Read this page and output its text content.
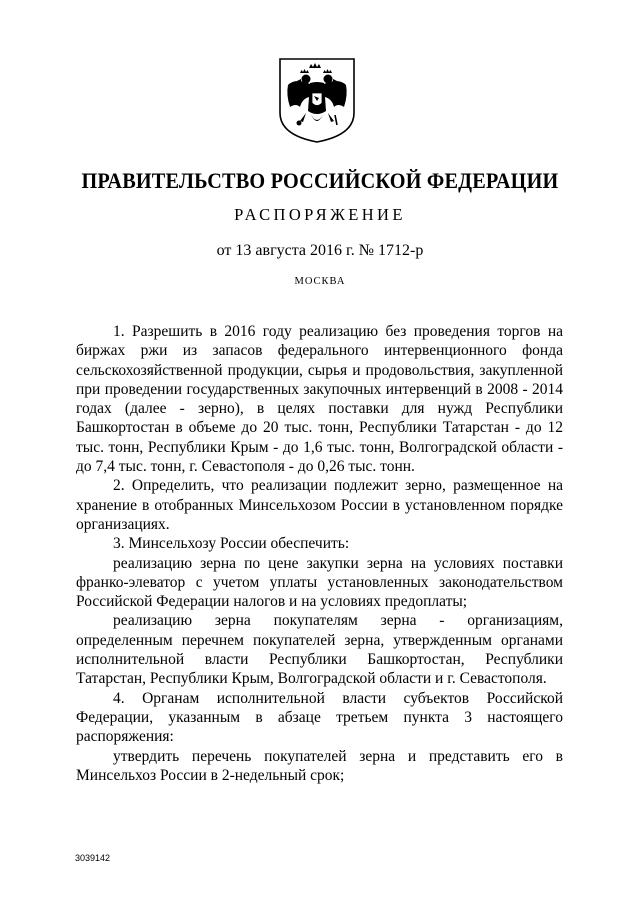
ПРАВИТЕЛЬСТВО РОССИЙСКОЙ ФЕДЕРАЦИИ
РАСПОРЯЖЕНИЕ
от 13 августа 2016 г. № 1712-р
МОСКВА

1. Разрешить в 2016 году реализацию без проведения торгов на биржах ржи из запасов федерального интервенционного фонда сельскохозяйственной продукции, сырья и продовольствия, закупленной при проведении государственных закупочных интервенций в 2008 - 2014 годах (далее - зерно), в целях поставки для нужд Республики Башкортостан в объеме до 20 тыс. тонн, Республики Татарстан - до 12 тыс. тонн, Республики Крым - до 1,6 тыс. тонн, Волгоградской области - до 7,4 тыс. тонн, г. Севастополя - до 0,26 тыс. тонн.

2. Определить, что реализации подлежит зерно, размещенное на хранение в отобранных Минсельхозом России в установленном порядке организациях.

3. Минсельхозу России обеспечить:

реализацию зерна по цене закупки зерна на условиях поставки франко-элеватор с учетом уплаты установленных законодательством Российской Федерации налогов и на условиях предоплаты;

реализацию зерна покупателям зерна - организациям, определенным перечнем покупателей зерна, утвержденным органами исполнительной власти Республики Башкортостан, Республики Татарстан, Республики Крым, Волгоградской области и г. Севастополя.

4. Органам исполнительной власти субъектов Российской Федерации, указанным в абзаце третьем пункта 3 настоящего распоряжения:

утвердить перечень покупателей зерна и представить его в Минсельхоз России в 2-недельный срок;

3039142
